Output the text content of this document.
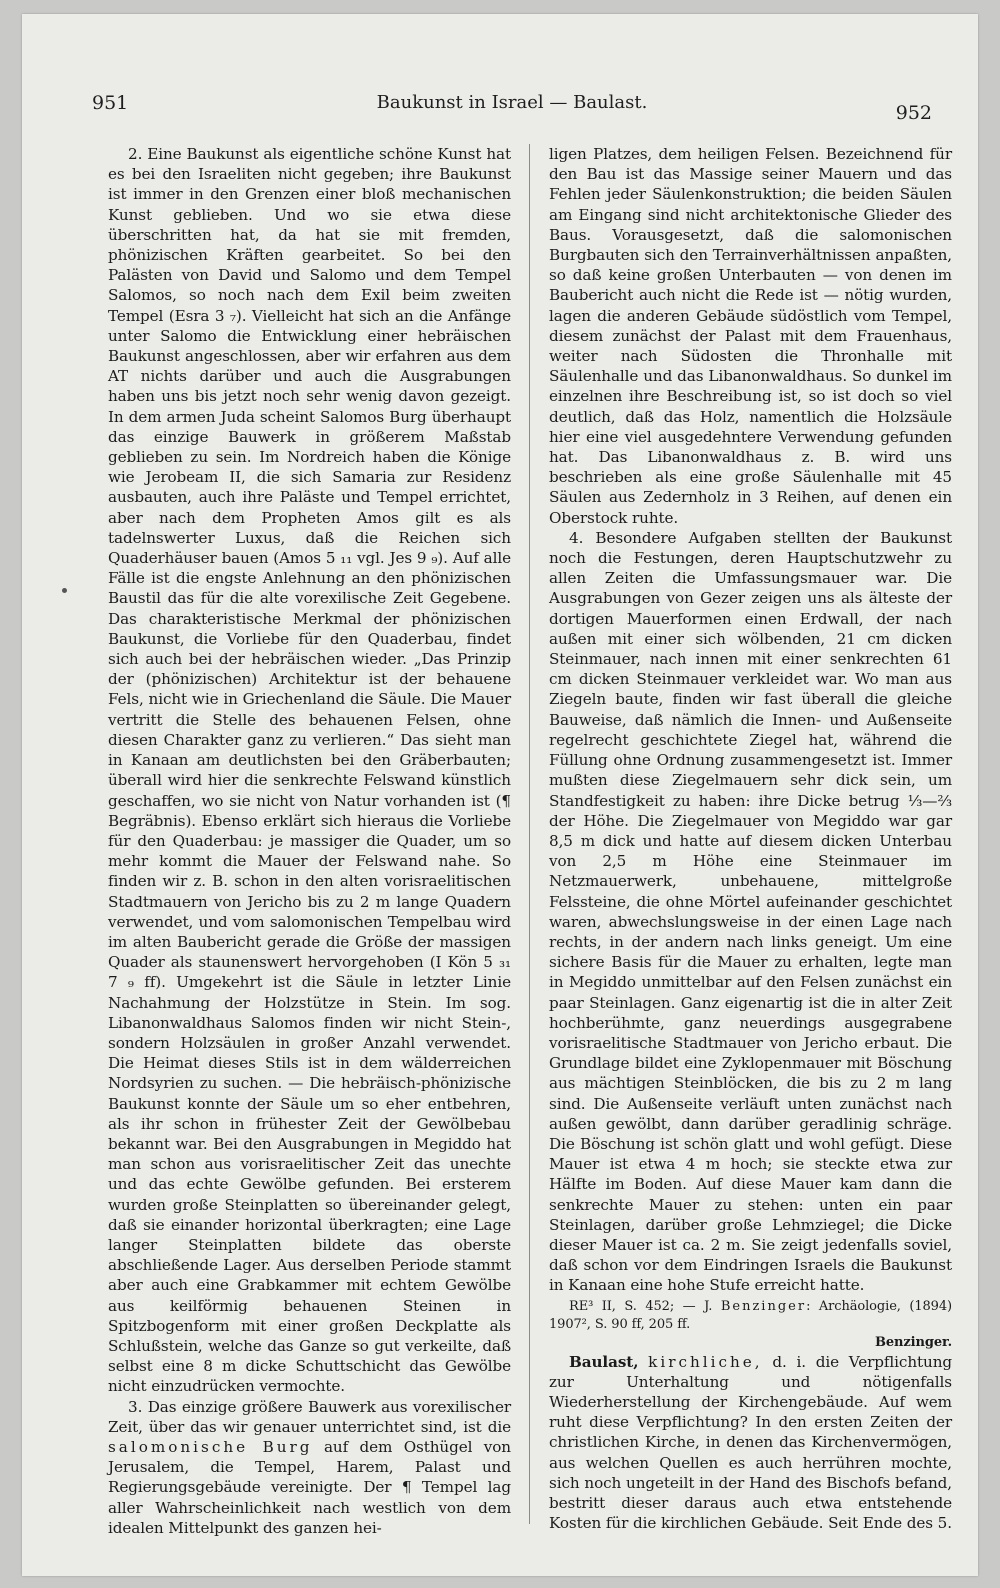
951	Baukunst in Israel — Baulast.	952

2. Eine Baukunst als eigentliche schöne Kunst hat es bei den Israeliten nicht gegeben; ihre Baukunst ist immer in den Grenzen einer bloß mechanischen Kunst geblieben. Und wo sie etwa diese überschritten hat, da hat sie mit fremden, phönizischen Kräften gearbeitet. So bei den Palästen von David und Salomo und dem Tempel Salomos, so noch nach dem Exil beim zweiten Tempel (Esra 3 ₇). Vielleicht hat sich an die Anfänge unter Salomo die Entwicklung einer hebräischen Baukunst angeschlossen, aber wir erfahren aus dem AT nichts darüber und auch die Ausgrabungen haben uns bis jetzt noch sehr wenig davon gezeigt. In dem armen Juda scheint Salomos Burg überhaupt das einzige Bauwerk in größerem Maßstab geblieben zu sein. Im Nordreich haben die Könige wie Jerobeam II, die sich Samaria zur Residenz ausbauten, auch ihre Paläste und Tempel errichtet, aber nach dem Propheten Amos gilt es als tadelnswerter Luxus, daß die Reichen sich Quaderhäuser bauen (Amos 5 ₁₁ vgl. Jes 9 ₉). Auf alle Fälle ist die engste Anlehnung an den phönizischen Baustil das für die alte vorexilische Zeit Gegebene. Das charakteristische Merkmal der phönizischen Baukunst, die Vorliebe für den Quaderbau, findet sich auch bei der hebräischen wieder. „Das Prinzip der (phönizischen) Architektur ist der behauene Fels, nicht wie in Griechenland die Säule. Die Mauer vertritt die Stelle des behauenen Felsen, ohne diesen Charakter ganz zu verlieren.“ Das sieht man in Kanaan am deutlichsten bei den Gräberbauten; überall wird hier die senkrechte Felswand künstlich geschaffen, wo sie nicht von Natur vorhanden ist (¶ Begräbnis). Ebenso erklärt sich hieraus die Vorliebe für den Quaderbau: je massiger die Quader, um so mehr kommt die Mauer der Felswand nahe. So finden wir z. B. schon in den alten vorisraelitischen Stadtmauern von Jericho bis zu 2 m lange Quadern verwendet, und vom salomonischen Tempelbau wird im alten Baubericht gerade die Größe der massigen Quader als staunenswert hervorgehoben (I Kön 5 ₃₁ 7 ₉ ff). Umgekehrt ist die Säule in letzter Linie Nachahmung der Holzstütze in Stein. Im sog. Libanonwaldhaus Salomos finden wir nicht Stein-, sondern Holzsäulen in großer Anzahl verwendet. Die Heimat dieses Stils ist in dem wälderreichen Nordsyrien zu suchen. — Die hebräisch-phönizische Baukunst konnte der Säule um so eher entbehren, als ihr schon in frühester Zeit der Gewölbebau bekannt war. Bei den Ausgrabungen in Megiddo hat man schon aus vorisraelitischer Zeit das unechte und das echte Gewölbe gefunden. Bei ersterem wurden große Steinplatten so übereinander gelegt, daß sie einander horizontal überkragten; eine Lage langer Steinplatten bildete das oberste abschließende Lager. Aus derselben Periode stammt aber auch eine Grabkammer mit echtem Gewölbe aus keilförmig behauenen Steinen in Spitzbogenform mit einer großen Deckplatte als Schlußstein, welche das Ganze so gut verkeilte, daß selbst eine 8 m dicke Schuttschicht das Gewölbe nicht einzudrücken vermochte.

3. Das einzige größere Bauwerk aus vorexilischer Zeit, über das wir genauer unterrichtet sind, ist die salomonische Burg auf dem Osthügel von Jerusalem, die Tempel, Harem, Palast und Regierungsgebäude vereinigte. Der ¶ Tempel lag aller Wahrscheinlichkeit nach westlich von dem idealen Mittelpunkt des ganzen hei-

ligen Platzes, dem heiligen Felsen. Bezeichnend für den Bau ist das Massige seiner Mauern und das Fehlen jeder Säulenkonstruktion; die beiden Säulen am Eingang sind nicht architektonische Glieder des Baus. Vorausgesetzt, daß die salomonischen Burgbauten sich den Terrainverhältnissen anpaßten, so daß keine großen Unterbauten — von denen im Baubericht auch nicht die Rede ist — nötig wurden, lagen die anderen Gebäude südöstlich vom Tempel, diesem zunächst der Palast mit dem Frauenhaus, weiter nach Südosten die Thronhalle mit Säulenhalle und das Libanonwaldhaus. So dunkel im einzelnen ihre Beschreibung ist, so ist doch so viel deutlich, daß das Holz, namentlich die Holzsäule hier eine viel ausgedehntere Verwendung gefunden hat. Das Libanonwaldhaus z. B. wird uns beschrieben als eine große Säulenhalle mit 45 Säulen aus Zedernholz in 3 Reihen, auf denen ein Oberstock ruhte.

4. Besondere Aufgaben stellten der Baukunst noch die Festungen, deren Hauptschutzwehr zu allen Zeiten die Umfassungsmauer war. Die Ausgrabungen von Gezer zeigen uns als älteste der dortigen Mauerformen einen Erdwall, der nach außen mit einer sich wölbenden, 21 cm dicken Steinmauer, nach innen mit einer senkrechten 61 cm dicken Steinmauer verkleidet war. Wo man aus Ziegeln baute, finden wir fast überall die gleiche Bauweise, daß nämlich die Innen- und Außenseite regelrecht geschichtete Ziegel hat, während die Füllung ohne Ordnung zusammengesetzt ist. Immer mußten diese Ziegelmauern sehr dick sein, um Standfestigkeit zu haben: ihre Dicke betrug ⅓—⅔ der Höhe. Die Ziegelmauer von Megiddo war gar 8,5 m dick und hatte auf diesem dicken Unterbau von 2,5 m Höhe eine Steinmauer im Netzmauerwerk, unbehauene, mittelgroße Felssteine, die ohne Mörtel aufeinander geschichtet waren, abwechslungsweise in der einen Lage nach rechts, in der andern nach links geneigt. Um eine sichere Basis für die Mauer zu erhalten, legte man in Megiddo unmittelbar auf den Felsen zunächst ein paar Steinlagen. Ganz eigenartig ist die in alter Zeit hochberühmte, ganz neuerdings ausgegrabene vorisraelitische Stadtmauer von Jericho erbaut. Die Grundlage bildet eine Zyklopenmauer mit Böschung aus mächtigen Steinblöcken, die bis zu 2 m lang sind. Die Außenseite verläuft unten zunächst nach außen gewölbt, dann darüber geradlinig schräge. Die Böschung ist schön glatt und wohl gefügt. Diese Mauer ist etwa 4 m hoch; sie steckte etwa zur Hälfte im Boden. Auf diese Mauer kam dann die senkrechte Mauer zu stehen: unten ein paar Steinlagen, darüber große Lehmziegel; die Dicke dieser Mauer ist ca. 2 m. Sie zeigt jedenfalls soviel, daß schon vor dem Eindringen Israels die Baukunst in Kanaan eine hohe Stufe erreicht hatte.

RE³ II, S. 452; — J. Benzinger: Archäologie, (1894) 1907², S. 90 ff, 205 ff.

Benzinger.

Baulast, kirchliche, d. i. die Verpflichtung zur Unterhaltung und nötigenfalls Wiederherstellung der Kirchengebäude. Auf wem ruht diese Verpflichtung? In den ersten Zeiten der christlichen Kirche, in denen das Kirchenvermögen, aus welchen Quellen es auch herrühren mochte, sich noch ungeteilt in der Hand des Bischofs befand, bestritt dieser daraus auch etwa entstehende Kosten für die kirchlichen Gebäude. Seit Ende des 5.
